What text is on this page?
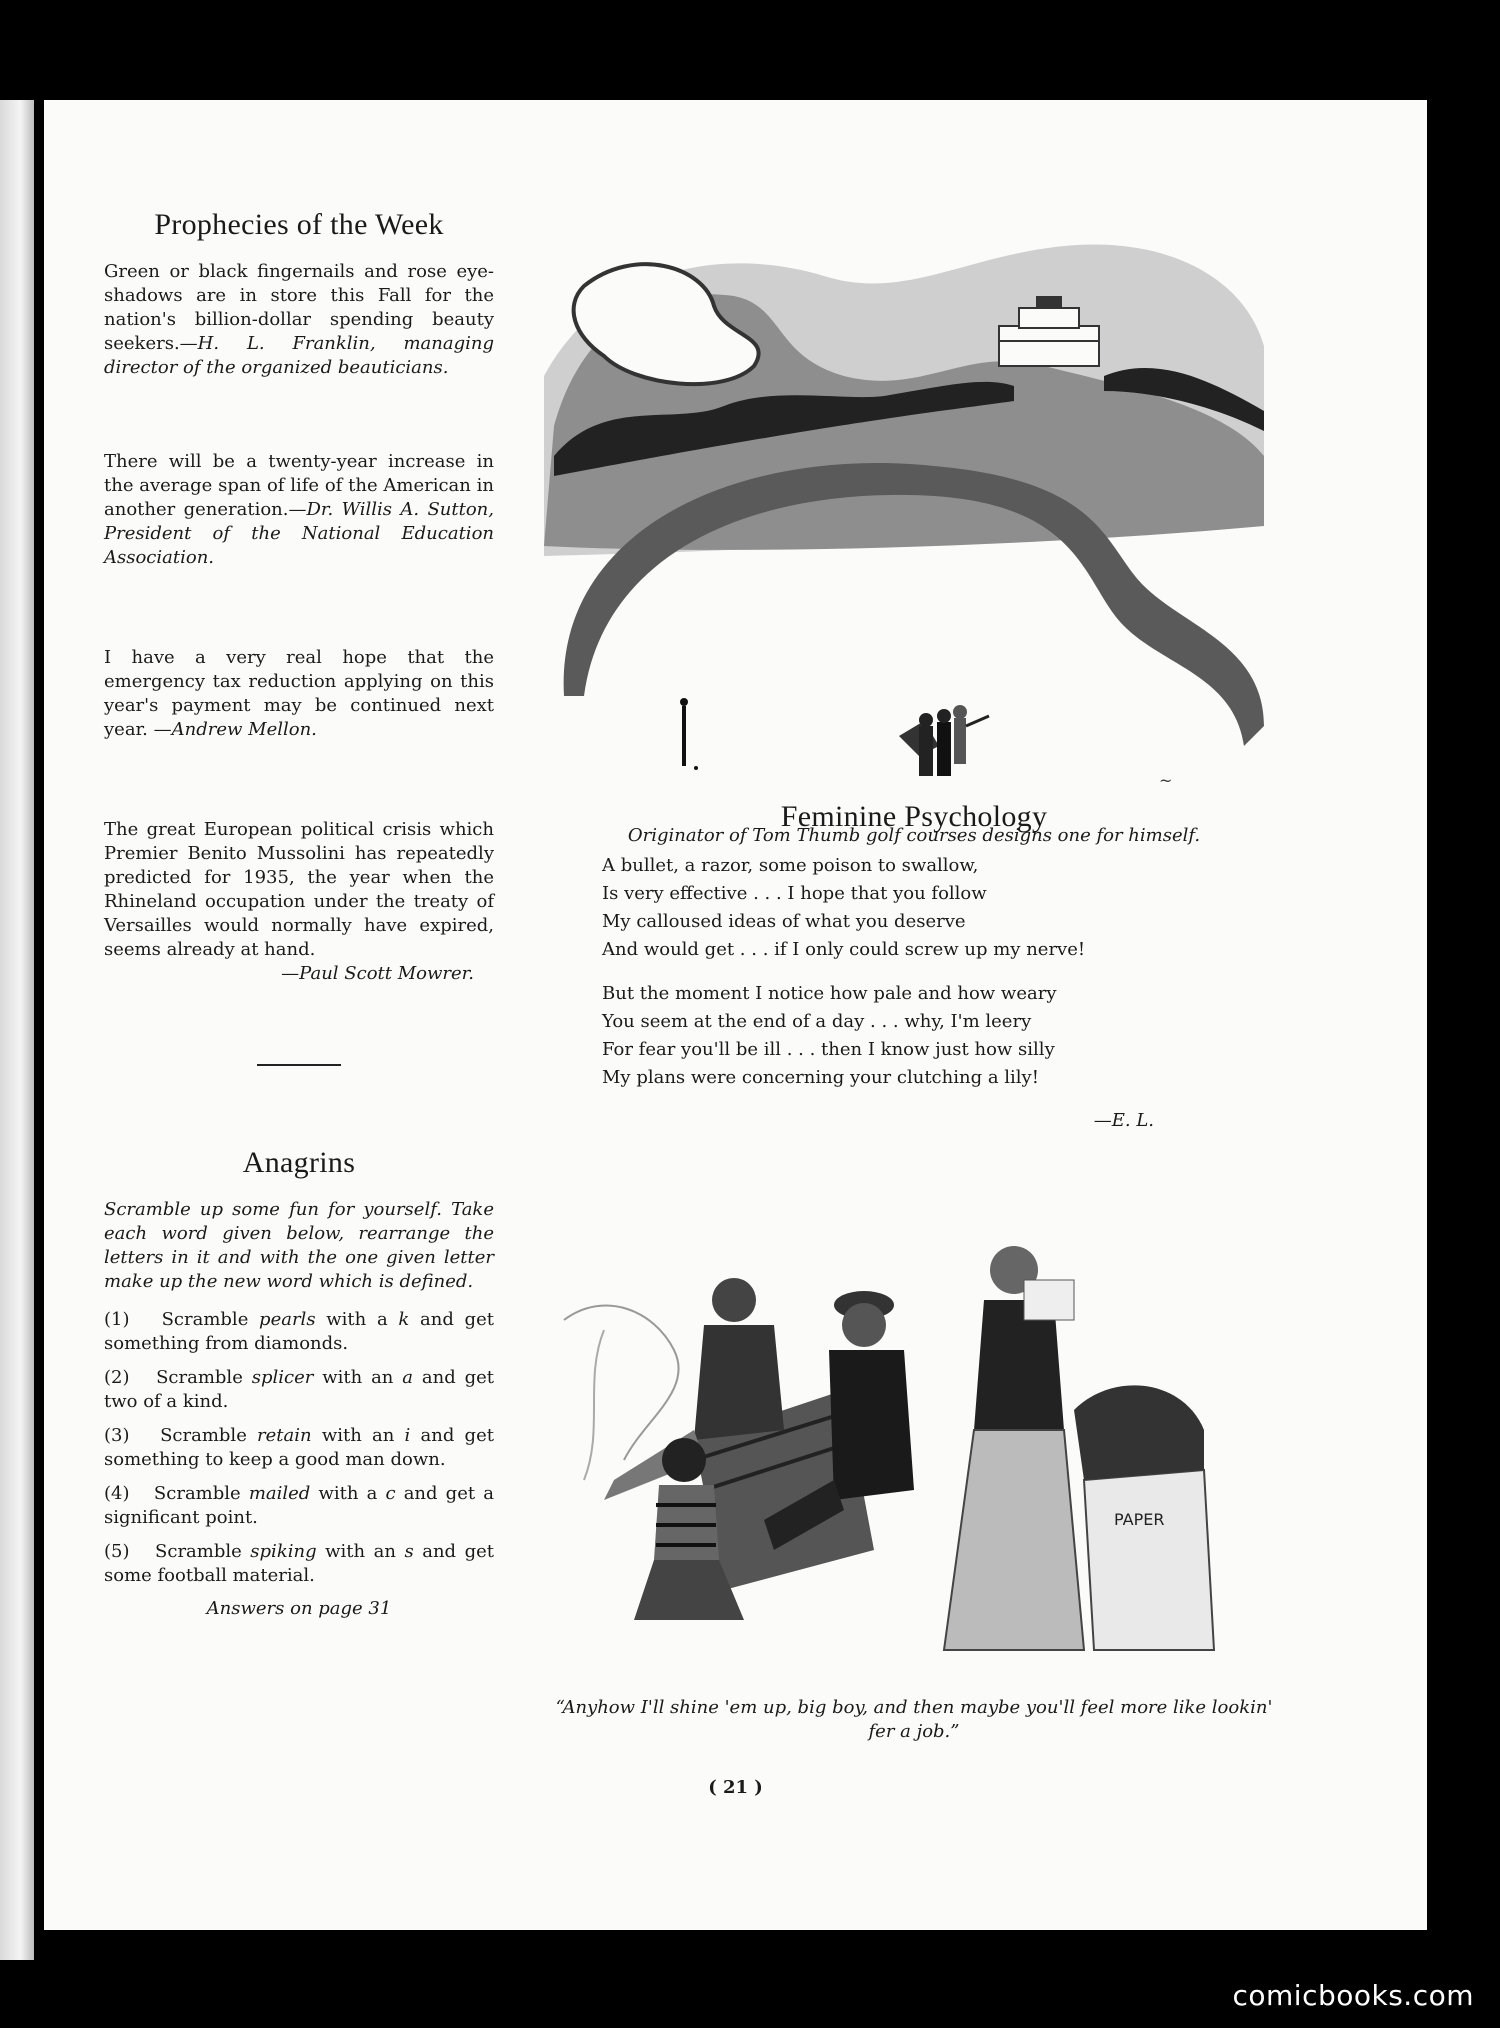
Prophecies of the Week

Green or black fingernails and rose eye-shadows are in store this Fall for the nation's billion-dollar spending beauty seekers.—H. L. Franklin, managing director of the organized beauticians.

There will be a twenty-year increase in the average span of life of the American in another generation.—Dr. Willis A. Sutton, President of the National Education Association.

I have a very real hope that the emergency tax reduction applying on this year's payment may be continued next year. —Andrew Mellon.

The great European political crisis which Premier Benito Mussolini has repeatedly predicted for 1935, the year when the Rhineland occupation under the treaty of Versailles would normally have expired, seems already at hand.

—Paul Scott Mowrer.

Anagrins

Scramble up some fun for yourself. Take each word given below, rearrange the letters in it and with the one given letter make up the new word which is defined.

(1) Scramble pearls with a k and get something from diamonds.

(2) Scramble splicer with an a and get two of a kind.

(3) Scramble retain with an i and get something to keep a good man down.

(4) Scramble mailed with a c and get a significant point.

(5) Scramble spiking with an s and get some football material.

Answers on page 31

~

Originator of Tom Thumb golf courses designs one for himself.

Feminine Psychology

A bullet, a razor, some poison to swallow,

Is very effective . . . I hope that you follow

My calloused ideas of what you deserve

And would get . . . if I only could screw up my nerve!

But the moment I notice how pale and how weary

You seem at the end of a day . . . why, I'm leery

For fear you'll be ill . . . then I know just how silly

My plans were concerning your clutching a lily!

—E. L.

PAPER

“Anyhow I'll shine 'em up, big boy, and then maybe you'll feel more like lookin' fer a job.”

( 21 )
comicbooks.com
